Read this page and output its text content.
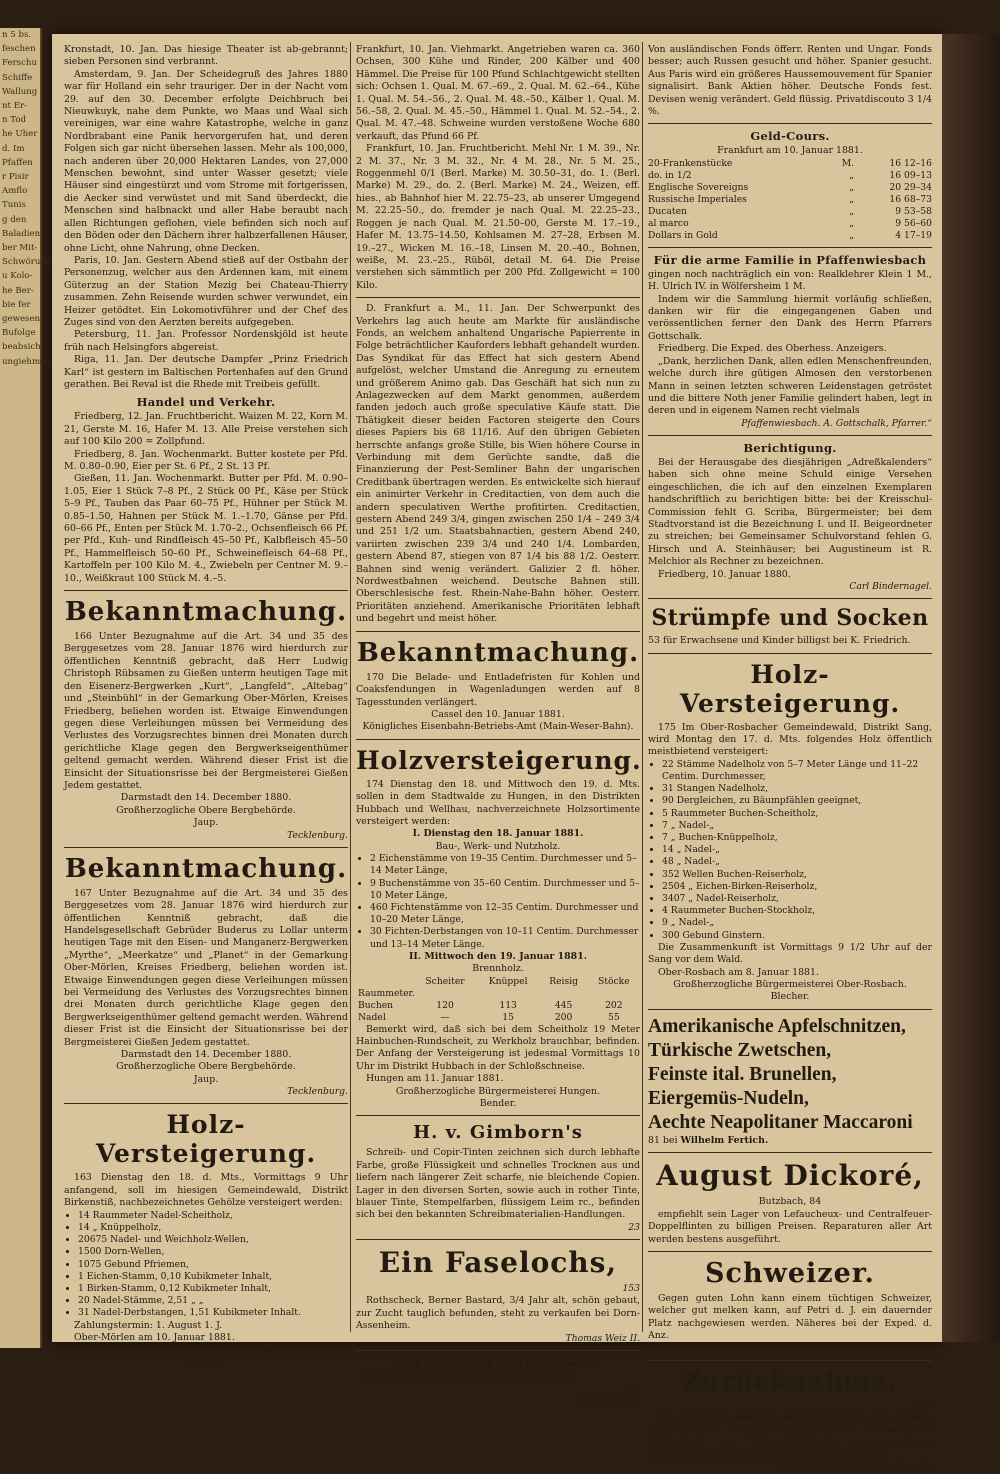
n 5 bs.
feschen
Ferschu
Schiffe
Wallung
nt Er-
n Tod
he Uher
d. Im
Pfaffen
r Pisir
Amflo
Tunis
g den
Baladien
ber Mit-
Schwörung
u Kolo-
he Ber-
bie fer
gewesen
Bufolge
beabsich
ungiehmen

Kronstadt, 10. Jan. Das hiesige Theater ist ab-gebrannt; sieben Personen sind verbrannt.

Amsterdam, 9. Jan. Der Scheidegruß des Jahres 1880 war für Holland ein sehr trauriger. Der in der Nacht vom 29. auf den 30. December erfolgte Deichbruch bei Nieuwkuyk, nahe dem Punkte, wo Maas und Waal sich vereinigen, war eine wahre Katastrophe, welche in ganz Nordbrabant eine Panik hervorgerufen hat, und deren Folgen sich gar nicht übersehen lassen. Mehr als 100,000, nach anderen über 20,000 Hektaren Landes, von 27,000 Menschen bewohnt, sind unter Wasser gesetzt; viele Häuser sind eingestürzt und vom Strome mit fortgerissen, die Aecker sind verwüstet und mit Sand überdeckt, die Menschen sind halbnackt und aller Habe beraubt nach allen Richtungen geflohen, viele befinden sich noch auf den Böden oder den Dächern ihrer halbzerfallenen Häuser, ohne Licht, ohne Nahrung, ohne Decken.

Paris, 10. Jan. Gestern Abend stieß auf der Ostbahn der Personenzug, welcher aus den Ardennen kam, mit einem Güterzug an der Station Mezig bei Chateau-Thierry zusammen. Zehn Reisende wurden schwer verwundet, ein Heizer getödtet. Ein Lokomotivführer und der Chef des Zuges sind von den Aerzten bereits aufgegeben.

Petersburg, 11. Jan. Professor Nordenskjöld ist heute früh nach Helsingfors abgereist.

Riga, 11. Jan. Der deutsche Dampfer „Prinz Friedrich Karl“ ist gestern im Baltischen Portenhafen auf den Grund gerathen. Bei Reval ist die Rhede mit Treibeis gefüllt.

Handel und Verkehr.

Friedberg, 12. Jan. Fruchtbericht. Waizen M. 22, Korn M. 21, Gerste M. 16, Hafer M. 13. Alle Preise verstehen sich auf 100 Kilo 200 = Zollpfund.

Friedberg, 8. Jan. Wochenmarkt. Butter kostete per Pfd. M. 0.80–0.90, Eier per St. 6 Pf., 2 St. 13 Pf.

Gießen, 11. Jan. Wochenmarkt. Butter per Pfd. M. 0.90–1.05, Eier 1 Stück 7–8 Pf., 2 Stück 00 Pf., Käse per Stück 5–9 Pf., Tauben das Paar 60–75 Pf., Hühner per Stück M. 0.85–1.50, Hahnen per Stück M. 1.–1.70, Gänse per Pfd. 60–66 Pf., Enten per Stück M. 1.70–2., Ochsenfleisch 66 Pf. per Pfd., Kuh- und Rindfleisch 45–50 Pf., Kalbfleisch 45–50 Pf., Hammelfleisch 50–60 Pf., Schweinefleisch 64–68 Pf., Kartoffeln per 100 Kilo M. 4., Zwiebeln per Centner M. 9.–10., Weißkraut 100 Stück M. 4.–5.

Bekanntmachung.

166 Unter Bezugnahme auf die Art. 34 und 35 des Berggesetzes vom 28. Januar 1876 wird hierdurch zur öffentlichen Kenntniß gebracht, daß Herr Ludwig Christoph Rübsamen zu Gießen unterm heutigen Tage mit den Eisenerz-Bergwerken „Kurt“, „Langfeld“, „Altebag“ und „Steinbühl“ in der Gemarkung Ober-Mörlen, Kreises Friedberg, beliehen worden ist. Etwaige Einwendungen gegen diese Verleihungen müssen bei Vermeidung des Verlustes des Vorzugsrechtes binnen drei Monaten durch gerichtliche Klage gegen den Bergwerkseigenthümer geltend gemacht werden. Während dieser Frist ist die Einsicht der Situationsrisse bei der Bergmeisterei Gießen Jedem gestattet.

Darmstadt den 14. December 1880.

Großherzogliche Obere Bergbehörde.

Jaup.

Tecklenburg.

Bekanntmachung.

167 Unter Bezugnahme auf die Art. 34 und 35 des Berggesetzes vom 28. Januar 1876 wird hierdurch zur öffentlichen Kenntniß gebracht, daß die Handelsgesellschaft Gebrüder Buderus zu Lollar unterm heutigen Tage mit den Eisen- und Manganerz-Bergwerken „Myrthe“, „Meerkatze“ und „Planet“ in der Gemarkung Ober-Mörlen, Kreises Friedberg, beliehen worden ist. Etwaige Einwendungen gegen diese Verleihungen müssen bei Vermeidung des Verlustes des Vorzugsrechtes binnen drei Monaten durch gerichtliche Klage gegen den Bergwerkseigenthümer geltend gemacht werden. Während dieser Frist ist die Einsicht der Situationsrisse bei der Bergmeisterei Gießen Jedem gestattet.

Darmstadt den 14. December 1880.

Großherzogliche Obere Bergbehörde.

Jaup.

Tecklenburg.

Holz-Versteigerung.

163 Dienstag den 18. d. Mts., Vormittags 9 Uhr anfangend, soll im hiesigen Gemeindewald, Distrikt Birkenstiß, nachbezeichnetes Gehölze versteigert werden:

• 14 Raummeter Nadel-Scheitholz,
• 14 „ Knüppelholz,
• 20675 Nadel- und Weichholz-Wellen,
• 1500 Dorn-Wellen,
• 1075 Gebund Pfriemen,
• 1 Eichen-Stamm, 0,10 Kubikmeter Inhalt,
• 1 Birken-Stamm, 0,12 Kubikmeter Inhalt,
• 20 Nadel-Stämme, 2,51 „ „
• 31 Nadel-Derbstangen, 1,51 Kubikmeter Inhalt.

Zahlungstermin: 1. August 1. J.

Ober-Mörlen am 10. Januar 1881.

Großherzogliche Bürgermeisterei Ober-Mörlen.

Jeckel.

Frankfurt, 10. Jan. Viehmarkt. Angetrieben waren ca. 360 Ochsen, 300 Kühe und Rinder, 200 Kälber und 400 Hämmel. Die Preise für 100 Pfund Schlachtgewicht stellten sich: Ochsen 1. Qual. M. 67.–69., 2. Qual. M. 62.–64., Kühe 1. Qual. M. 54.–56., 2. Qual. M. 48.–50., Kälber 1. Qual. M. 56.–58, 2. Qual. M. 45.–50., Hämmel 1. Qual. M. 52.–54., 2. Qual. M. 47.–48. Schweine wurden verstoßene Woche 680 verkauft, das Pfund 66 Pf.

Frankfurt, 10. Jan. Fruchtbericht. Mehl Nr. 1 M. 39., Nr. 2 M. 37., Nr. 3 M. 32., Nr. 4 M. 28., Nr. 5 M. 25., Roggenmehl 0/1 (Berl. Marke) M. 30.50–31, do. 1. (Berl. Marke) M. 29., do. 2. (Berl. Marke) M. 24., Weizen, eff. hies., ab Bahnhof hier M. 22.75–23, ab unserer Umgegend M. 22.25–50., do. fremder je nach Qual. M. 22.25–23., Roggen je nach Qual. M. 21.50–00, Gerste M. 17.–19., Hafer M. 13.75–14.50, Kohlsamen M. 27–28, Erbsen M. 19.–27., Wicken M. 16.–18, Linsen M. 20.–40., Bohnen, weiße, M. 23.–25., Rüböl, detail M. 64. Die Preise verstehen sich sämmtlich per 200 Pfd. Zollgewicht = 100 Kilo.

D. Frankfurt a. M., 11. Jan. Der Schwerpunkt des Verkehrs lag auch heute am Markte für ausländische Fonds, an welchem anhaltend Ungarische Papierrente in Folge beträchtlicher Kauforders lebhaft gehandelt wurden. Das Syndikat für das Effect hat sich gestern Abend aufgelöst, welcher Umstand die Anregung zu erneutem und größerem Animo gab. Das Geschäft hat sich nun zu Anlagezwecken auf dem Markt genommen, außerdem fanden jedoch auch große speculative Käufe statt. Die Thätigkeit dieser beiden Factoren steigerte den Cours dieses Papiers bis 68 11/16. Auf den übrigen Gebieten herrschte anfangs große Stille, bis Wien höhere Course in Verbindung mit dem Gerüchte sandte, daß die Finanzierung der Pest-Semliner Bahn der ungarischen Creditbank übertragen werden. Es entwickelte sich hierauf ein animirter Verkehr in Creditactien, von dem auch die andern speculativen Werthe profitirten. Creditactien, gestern Abend 249 3/4, gingen zwischen 250 1/4 – 249 3/4 und 251 1/2 um. Staatsbahnactien, gestern Abend 240, variirten zwischen 239 3/4 und 240 1/4. Lombarden, gestern Abend 87, stiegen von 87 1/4 bis 88 1/2. Oesterr. Bahnen sind wenig verändert. Galizier 2 fl. höher. Nordwestbahnen weichend. Deutsche Bahnen still. Oberschlesische fest. Rhein-Nahe-Bahn höher. Oesterr. Prioritäten anziehend. Amerikanische Prioritäten lebhaft und begehrt und meist höher.

Bekanntmachung.

170 Die Belade- und Entladefristen für Kohlen und Coaksfendungen in Wagenladungen werden auf 8 Tagesstunden verlängert.

Cassel den 10. Januar 1881.

Königliches Eisenbahn-Betriebs-Amt (Main-Weser-Bahn).

Holzversteigerung.

174 Dienstag den 18. und Mittwoch den 19. d. Mts. sollen in dem Stadtwalde zu Hungen, in den Distrikten Hubbach und Wellhau, nachverzeichnete Holzsortimente versteigert werden:

I. Dienstag den 18. Januar 1881.

Bau-, Werk- und Nutzholz.

• 2 Eichenstämme von 19–35 Centim. Durchmesser und 5–14 Meter Länge,
• 9 Buchenstämme von 35–60 Centim. Durchmesser und 5–10 Meter Länge,
• 460 Fichtenstämme von 12–35 Centim. Durchmesser und 10–20 Meter Länge,
• 30 Fichten-Derbstangen von 10–11 Centim. Durchmesser und 13–14 Meter Länge.

II. Mittwoch den 19. Januar 1881.

Brennholz.

	Scheiter	Knüppel	Reisig	Stöcke
Raummeter.				
Buchen	120	113	445	202
Nadel	—	15	200	55

Bemerkt wird, daß sich bei dem Scheitholz 19 Meter Hainbuchen-Rundscheit, zu Werkholz brauchbar, befinden. Der Anfang der Versteigerung ist jedesmal Vormittags 10 Uhr im Distrikt Hubbach in der Schloßschneise.

Hungen am 11. Januar 1881.

Großherzogliche Bürgermeisterei Hungen.

Bender.

H. v. Gimborn's

Schreib- und Copir-Tinten zeichnen sich durch lebhafte Farbe, große Flüssigkeit und schnelles Trocknen aus und liefern nach längerer Zeit scharfe, nie bleichende Copien. Lager in den diversen Sorten, sowie auch in rother Tinte, blauer Tinte, Stempelfarben, flüssigem Leim rc., befinden sich bei den bekannten Schreibmaterialien-Handlungen.

23

Ein Faselochs,

153

Rothscheck, Berner Bastard, 3/4 Jahr alt, schön gebaut, zur Zucht tauglich befunden, steht zu verkaufen bei Dorn-Assenheim.

Thomas Weiz II.

Ein trächtiges Mutterschwein

(Erstling) ist zu verkaufen bei Ober-Mörlen.

158

Anton König.

Von ausländischen Fonds öfferr. Renten und Ungar. Fonds besser; auch Russen gesucht und höher. Spanier gesucht. Aus Paris wird ein größeres Haussemouvement für Spanier signalisirt. Bank Aktien höher. Deutsche Fonds fest. Devisen wenig verändert. Geld flüssig. Privatdiscouto 3 1/4 %.

Geld-Cours.

Frankfurt am 10. Januar 1881.

20-Frankenstücke	M.	16 12–16
do. in 1/2	„	16 09–13
Englische Sovereigns	„	20 29–34
Russische Imperiales	„	16 68–73
Ducaten	„	9 53–58
al marco	„	9 56–60
Dollars in Gold	„	4 17–19
Für die arme Familie in Pfaffenwiesbach

gingen noch nachträglich ein von: Realklehrer Klein 1 M., H. Ulrich IV. in Wölfersheim 1 M.

Indem wir die Sammlung hiermit vorläufig schließen, danken wir für die eingegangenen Gaben und verössentlichen ferner den Dank des Herrn Pfarrers Gottschalk.

Friedberg. Die Exped. des Oberhess. Anzeigers.

„Dank, herzlichen Dank, allen edlen Menschenfreunden, welche durch ihre gütigen Almosen den verstorbenen Mann in seinen letzten schweren Leidenstagen getröstet und die bittere Noth jener Familie gelindert haben, legt in deren und in eigenem Namen recht vielmals

Pfaffenwiesbach. A. Gottschalk, Pfarrer.“

Berichtigung.

Bei der Herausgabe des diesjährigen „Adreßkalenders“ haben sich ohne meine Schuld einige Versehen eingeschlichen, die ich auf den einzelnen Exemplaren handschriftlich zu berichtigen bitte: bei der Kreisschul-Commission fehlt G. Scriba, Bürgermeister; bei dem Stadtvorstand ist die Bezeichnung I. und II. Beigeordneter zu streichen; bei Gemeinsamer Schulvorstand fehlen G. Hirsch und A. Steinhäuser; bei Augustineum ist R. Melchior als Rechner zu bezeichnen.

Friedberg, 10. Januar 1880.

Carl Bindernagel.

Strümpfe und Socken

53 für Erwachsene und Kinder billigst bei K. Friedrich.

Holz-Versteigerung.

175 Im Ober-Rosbacher Gemeindewald, Distrikt Sang, wird Montag den 17. d. Mts. folgendes Holz öffentlich meistbietend versteigert:

• 22 Stämme Nadelholz von 5–7 Meter Länge und 11–22 Centim. Durchmesser,
• 31 Stangen Nadelholz,
• 90 Dergleichen, zu Bäumpfählen geeignet,
• 5 Raummeter Buchen-Scheitholz,
• 7 „ Nadel-„
• 7 „ Buchen-Knüppelholz,
• 14 „ Nadel-„
• 48 „ Nadel-„
• 352 Wellen Buchen-Reiserholz,
• 2504 „ Eichen-Birken-Reiserholz,
• 3407 „ Nadel-Reiserholz,
• 4 Raummeter Buchen-Stockholz,
• 9 „ Nadel-„
• 300 Gebund Ginstern.

Die Zusammenkunft ist Vormittags 9 1/2 Uhr auf der Sang vor dem Wald.

Ober-Rosbach am 8. Januar 1881.

Großherzogliche Bürgermeisterei Ober-Rosbach.

Blecher.

Amerikanische Apfelschnitzen,

Türkische Zwetschen,

Feinste ital. Brunellen,

Eiergemüs-Nudeln,

Aechte Neapolitaner Maccaroni

81 bei Wilhelm Fertich.

August Dickoré,

Butzbach, 84

empfiehlt sein Lager von Lefaucheux- und Centralfeuer-Doppelflinten zu billigen Preisen. Reparaturen aller Art werden bestens ausgeführt.

Schweizer.

Gegen guten Lohn kann einem tüchtigen Schweizer, welcher gut melken kann, auf Petri d. J. ein dauernder Platz nachgewiesen werden. Näheres bei der Exped. d. Anz.

156

Zurücknahme.

152

Die gegen die Heinrich Schmidt Ehefrau von Nieder-Wöllstadt vor einigen Wochen in der Bauhausschen Wirthschaft zu Nieder-Wöllstadt ausgesprochene Beleidigung nehme ich als unwahr hiermit zurück.

Nieder-Wöllstadt. Moritz Strauß.
